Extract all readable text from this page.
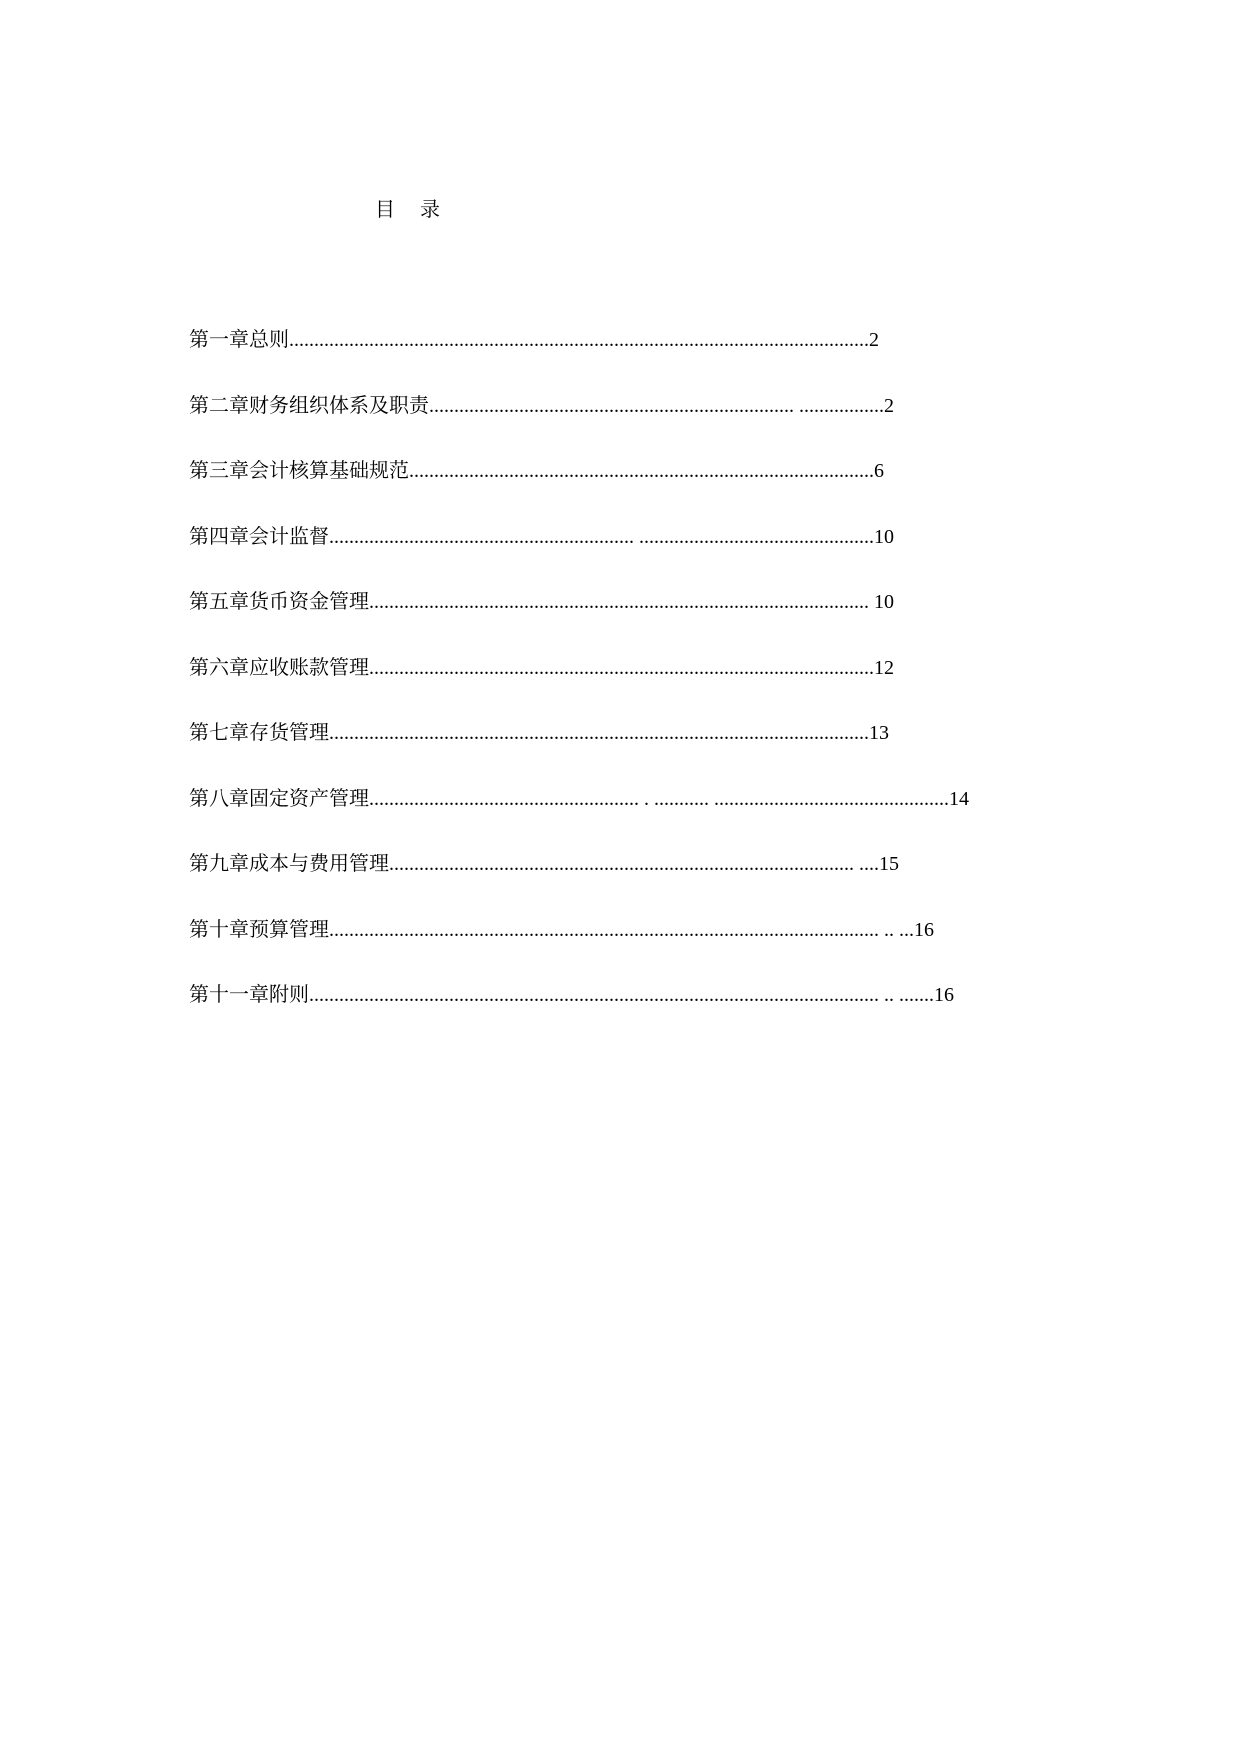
目 录
第一章总则....................................................................................................................2
第二章财务组织体系及职责......................................................................... .................2
第三章会计核算基础规范.............................................................................................6
第四章会计监督............................................................. ...............................................10
第五章货币资金管理.................................................................................................... 10
第六章应收账款管理.....................................................................................................12
第七章存货管理............................................................................................................13
第八章固定资产管理...................................................... . ........... ...............................................14
第九章成本与费用管理............................................................................................. ....15
第十章预算管理.............................................................................................................. .. ...16
第十一章附则.................................................................................................................. .. .......16
